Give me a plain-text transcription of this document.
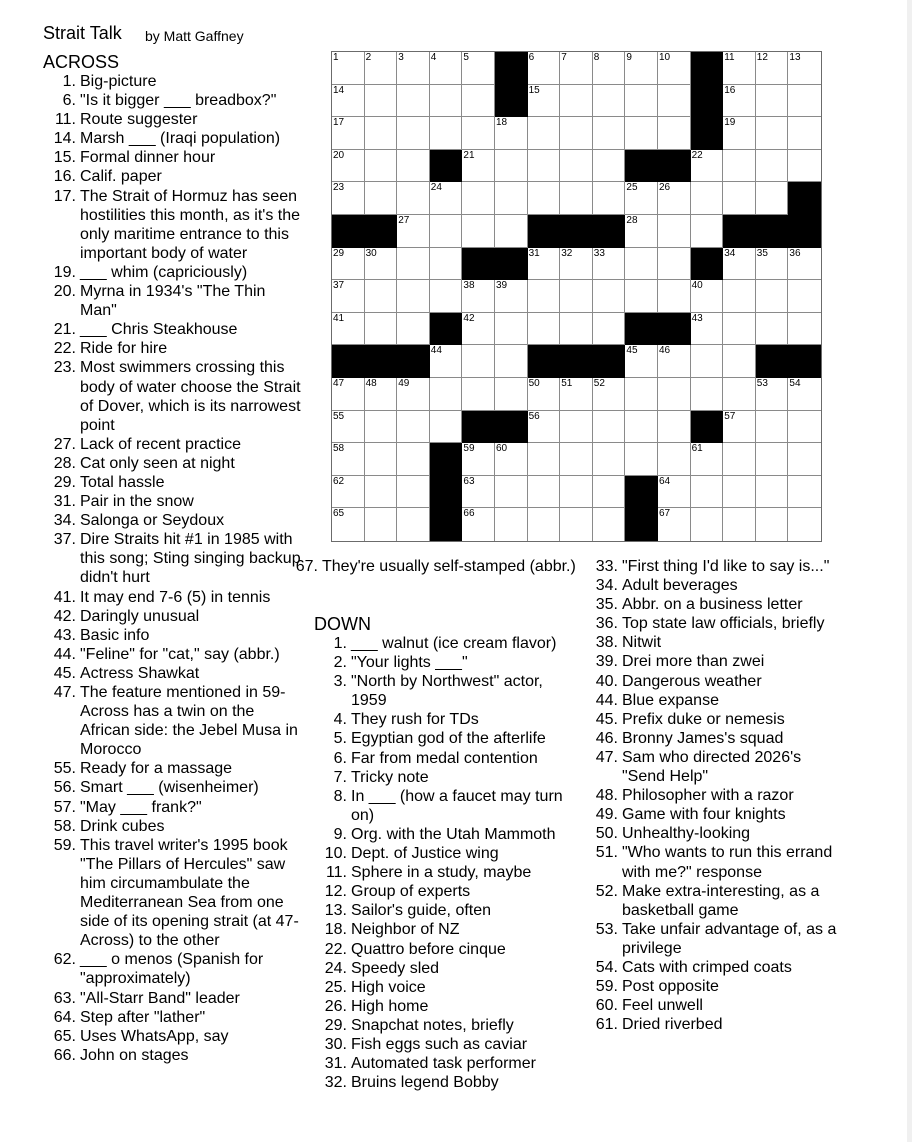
Strait Talk by Matt Gaffney
ACROSS
1. Big-picture
6. "Is it bigger ___ breadbox?"
11. Route suggester
14. Marsh ___ (Iraqi population)
15. Formal dinner hour
16. Calif. paper
17. The Strait of Hormuz has seen hostilities this month, as it's the only maritime entrance to this important body of water
19. ___ whim (capriciously)
20. Myrna in 1934's "The Thin Man"
21. ___ Chris Steakhouse
22. Ride for hire
23. Most swimmers crossing this body of water choose the Strait of Dover, which is its narrowest point
27. Lack of recent practice
28. Cat only seen at night
29. Total hassle
31. Pair in the snow
34. Salonga or Seydoux
37. Dire Straits hit #1 in 1985 with this song; Sting singing backup didn't hurt
41. It may end 7-6 (5) in tennis
42. Daringly unusual
43. Basic info
44. "Feline" for "cat," say (abbr.)
45. Actress Shawkat
47. The feature mentioned in 59-Across has a twin on the African side: the Jebel Musa in Morocco
55. Ready for a massage
56. Smart ___ (wisenheimer)
57. "May ___ frank?"
58. Drink cubes
59. This travel writer's 1995 book "The Pillars of Hercules" saw him circumambulate the Mediterranean Sea from one side of its opening strait (at 47-Across) to the other
62. ___ o menos (Spanish for "approximately)
63. "All-Starr Band" leader
64. Step after "lather"
65. Uses WhatsApp, say
66. John on stages
67. They're usually self-stamped (abbr.)
DOWN
1. ___ walnut (ice cream flavor)
2. "Your lights ___"
3. "North by Northwest" actor, 1959
4. They rush for TDs
5. Egyptian god of the afterlife
6. Far from medal contention
7. Tricky note
8. In ___ (how a faucet may turn on)
9. Org. with the Utah Mammoth
10. Dept. of Justice wing
11. Sphere in a study, maybe
12. Group of experts
13. Sailor's guide, often
18. Neighbor of NZ
22. Quattro before cinque
24. Speedy sled
25. High voice
26. High home
29. Snapchat notes, briefly
30. Fish eggs such as caviar
31. Automated task performer
32. Bruins legend Bobby
33. "First thing I'd like to say is..."
34. Adult beverages
35. Abbr. on a business letter
36. Top state law officials, briefly
38. Nitwit
39. Drei more than zwei
40. Dangerous weather
44. Blue expanse
45. Prefix duke or nemesis
46. Bronny James's squad
47. Sam who directed 2026's "Send Help"
48. Philosopher with a razor
49. Game with four knights
50. Unhealthy-looking
51. "Who wants to run this errand with me?" response
52. Make extra-interesting, as a basketball game
53. Take unfair advantage of, as a privilege
54. Cats with crimped coats
59. Post opposite
60. Feel unwell
61. Dried riverbed
1	2	3	4	5	6	7	8	9	10	11 12 13
14	15	16
17	18	19
20	21	22
23	24	25 26
27	28
29 30	31 32 33	34 35 36
37	38 39	40
41	42	43
44	45 46
47 48 49	50 51 52	53 54
55	56	57
58	59 60	61
62	63	64
65	66	67
